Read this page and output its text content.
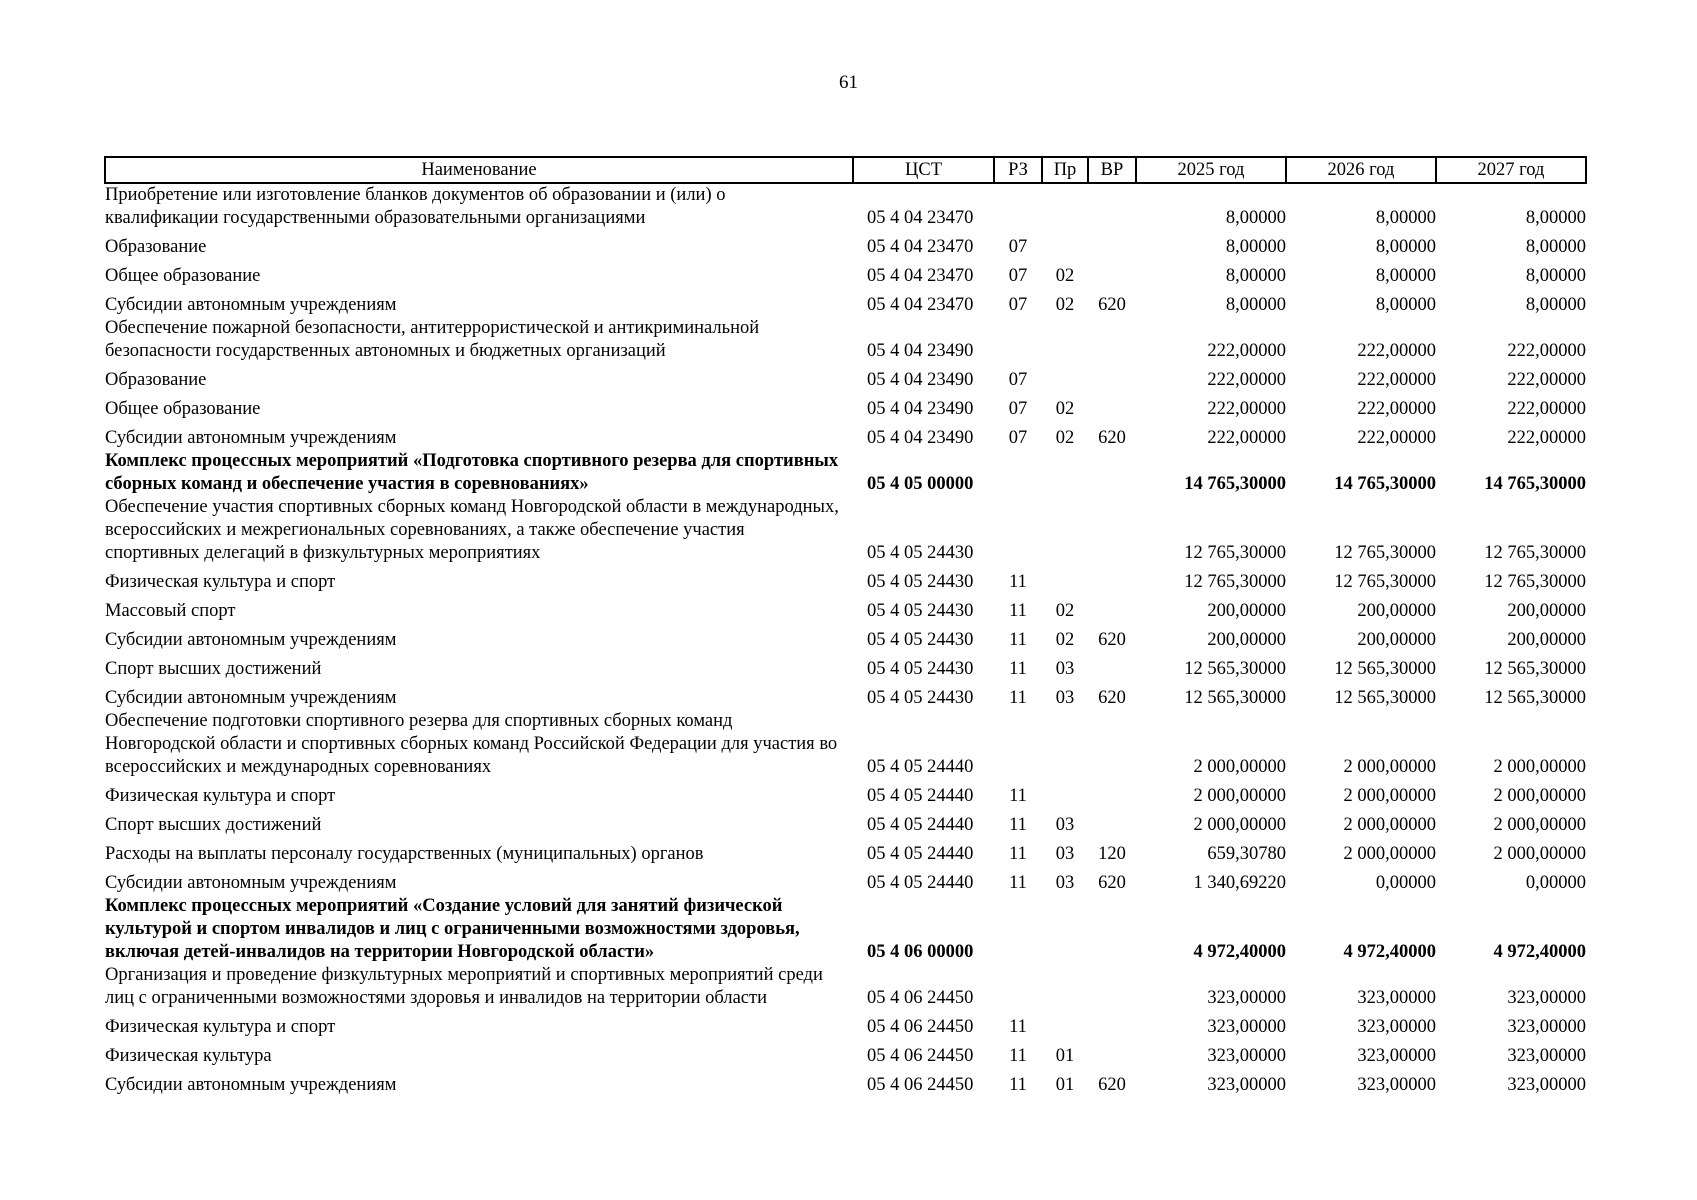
61
Наименование	ЦСТ	РЗ	Пр	ВР	2025 год	2026 год	2027 год
Приобретение или изготовление бланков документов об образовании и (или) о квалификации государственными образовательными организациями	05 4 04 23470				8,00000	8,00000	8,00000
Образование	05 4 04 23470	07			8,00000	8,00000	8,00000
Общее образование	05 4 04 23470	07	02		8,00000	8,00000	8,00000
Субсидии автономным учреждениям	05 4 04 23470	07	02	620	8,00000	8,00000	8,00000
Обеспечение пожарной безопасности, антитеррористической и антикриминальной безопасности государственных автономных и бюджетных организаций	05 4 04 23490				222,00000	222,00000	222,00000
Образование	05 4 04 23490	07			222,00000	222,00000	222,00000
Общее образование	05 4 04 23490	07	02		222,00000	222,00000	222,00000
Субсидии автономным учреждениям	05 4 04 23490	07	02	620	222,00000	222,00000	222,00000
Комплекс процессных мероприятий «Подготовка спортивного резерва для спортивных сборных команд и обеспечение участия в соревнованиях»	05 4 05 00000				14 765,30000	14 765,30000	14 765,30000
Обеспечение участия спортивных сборных команд Новгородской области в международных, всероссийских и межрегиональных соревнованиях, а также обеспечение участия спортивных делегаций в физкультурных мероприятиях	05 4 05 24430				12 765,30000	12 765,30000	12 765,30000
Физическая культура и спорт	05 4 05 24430	11			12 765,30000	12 765,30000	12 765,30000
Массовый спорт	05 4 05 24430	11	02		200,00000	200,00000	200,00000
Субсидии автономным учреждениям	05 4 05 24430	11	02	620	200,00000	200,00000	200,00000
Спорт высших достижений	05 4 05 24430	11	03		12 565,30000	12 565,30000	12 565,30000
Субсидии автономным учреждениям	05 4 05 24430	11	03	620	12 565,30000	12 565,30000	12 565,30000
Обеспечение подготовки спортивного резерва для спортивных сборных команд Новгородской области и спортивных сборных команд Российской Федерации для участия во всероссийских и международных соревнованиях	05 4 05 24440				2 000,00000	2 000,00000	2 000,00000
Физическая культура и спорт	05 4 05 24440	11			2 000,00000	2 000,00000	2 000,00000
Спорт высших достижений	05 4 05 24440	11	03		2 000,00000	2 000,00000	2 000,00000
Расходы на выплаты персоналу государственных (муниципальных) органов	05 4 05 24440	11	03	120	659,30780	2 000,00000	2 000,00000
Субсидии автономным учреждениям	05 4 05 24440	11	03	620	1 340,69220	0,00000	0,00000
Комплекс процессных мероприятий «Создание условий для занятий физической культурой и спортом инвалидов и лиц с ограниченными возможностями здоровья, включая детей-инвалидов на территории Новгородской области»	05 4 06 00000				4 972,40000	4 972,40000	4 972,40000
Организация и проведение физкультурных мероприятий и спортивных мероприятий среди лиц с ограниченными возможностями здоровья и инвалидов на территории области	05 4 06 24450				323,00000	323,00000	323,00000
Физическая культура и спорт	05 4 06 24450	11			323,00000	323,00000	323,00000
Физическая культура	05 4 06 24450	11	01		323,00000	323,00000	323,00000
Субсидии автономным учреждениям	05 4 06 24450	11	01	620	323,00000	323,00000	323,00000
